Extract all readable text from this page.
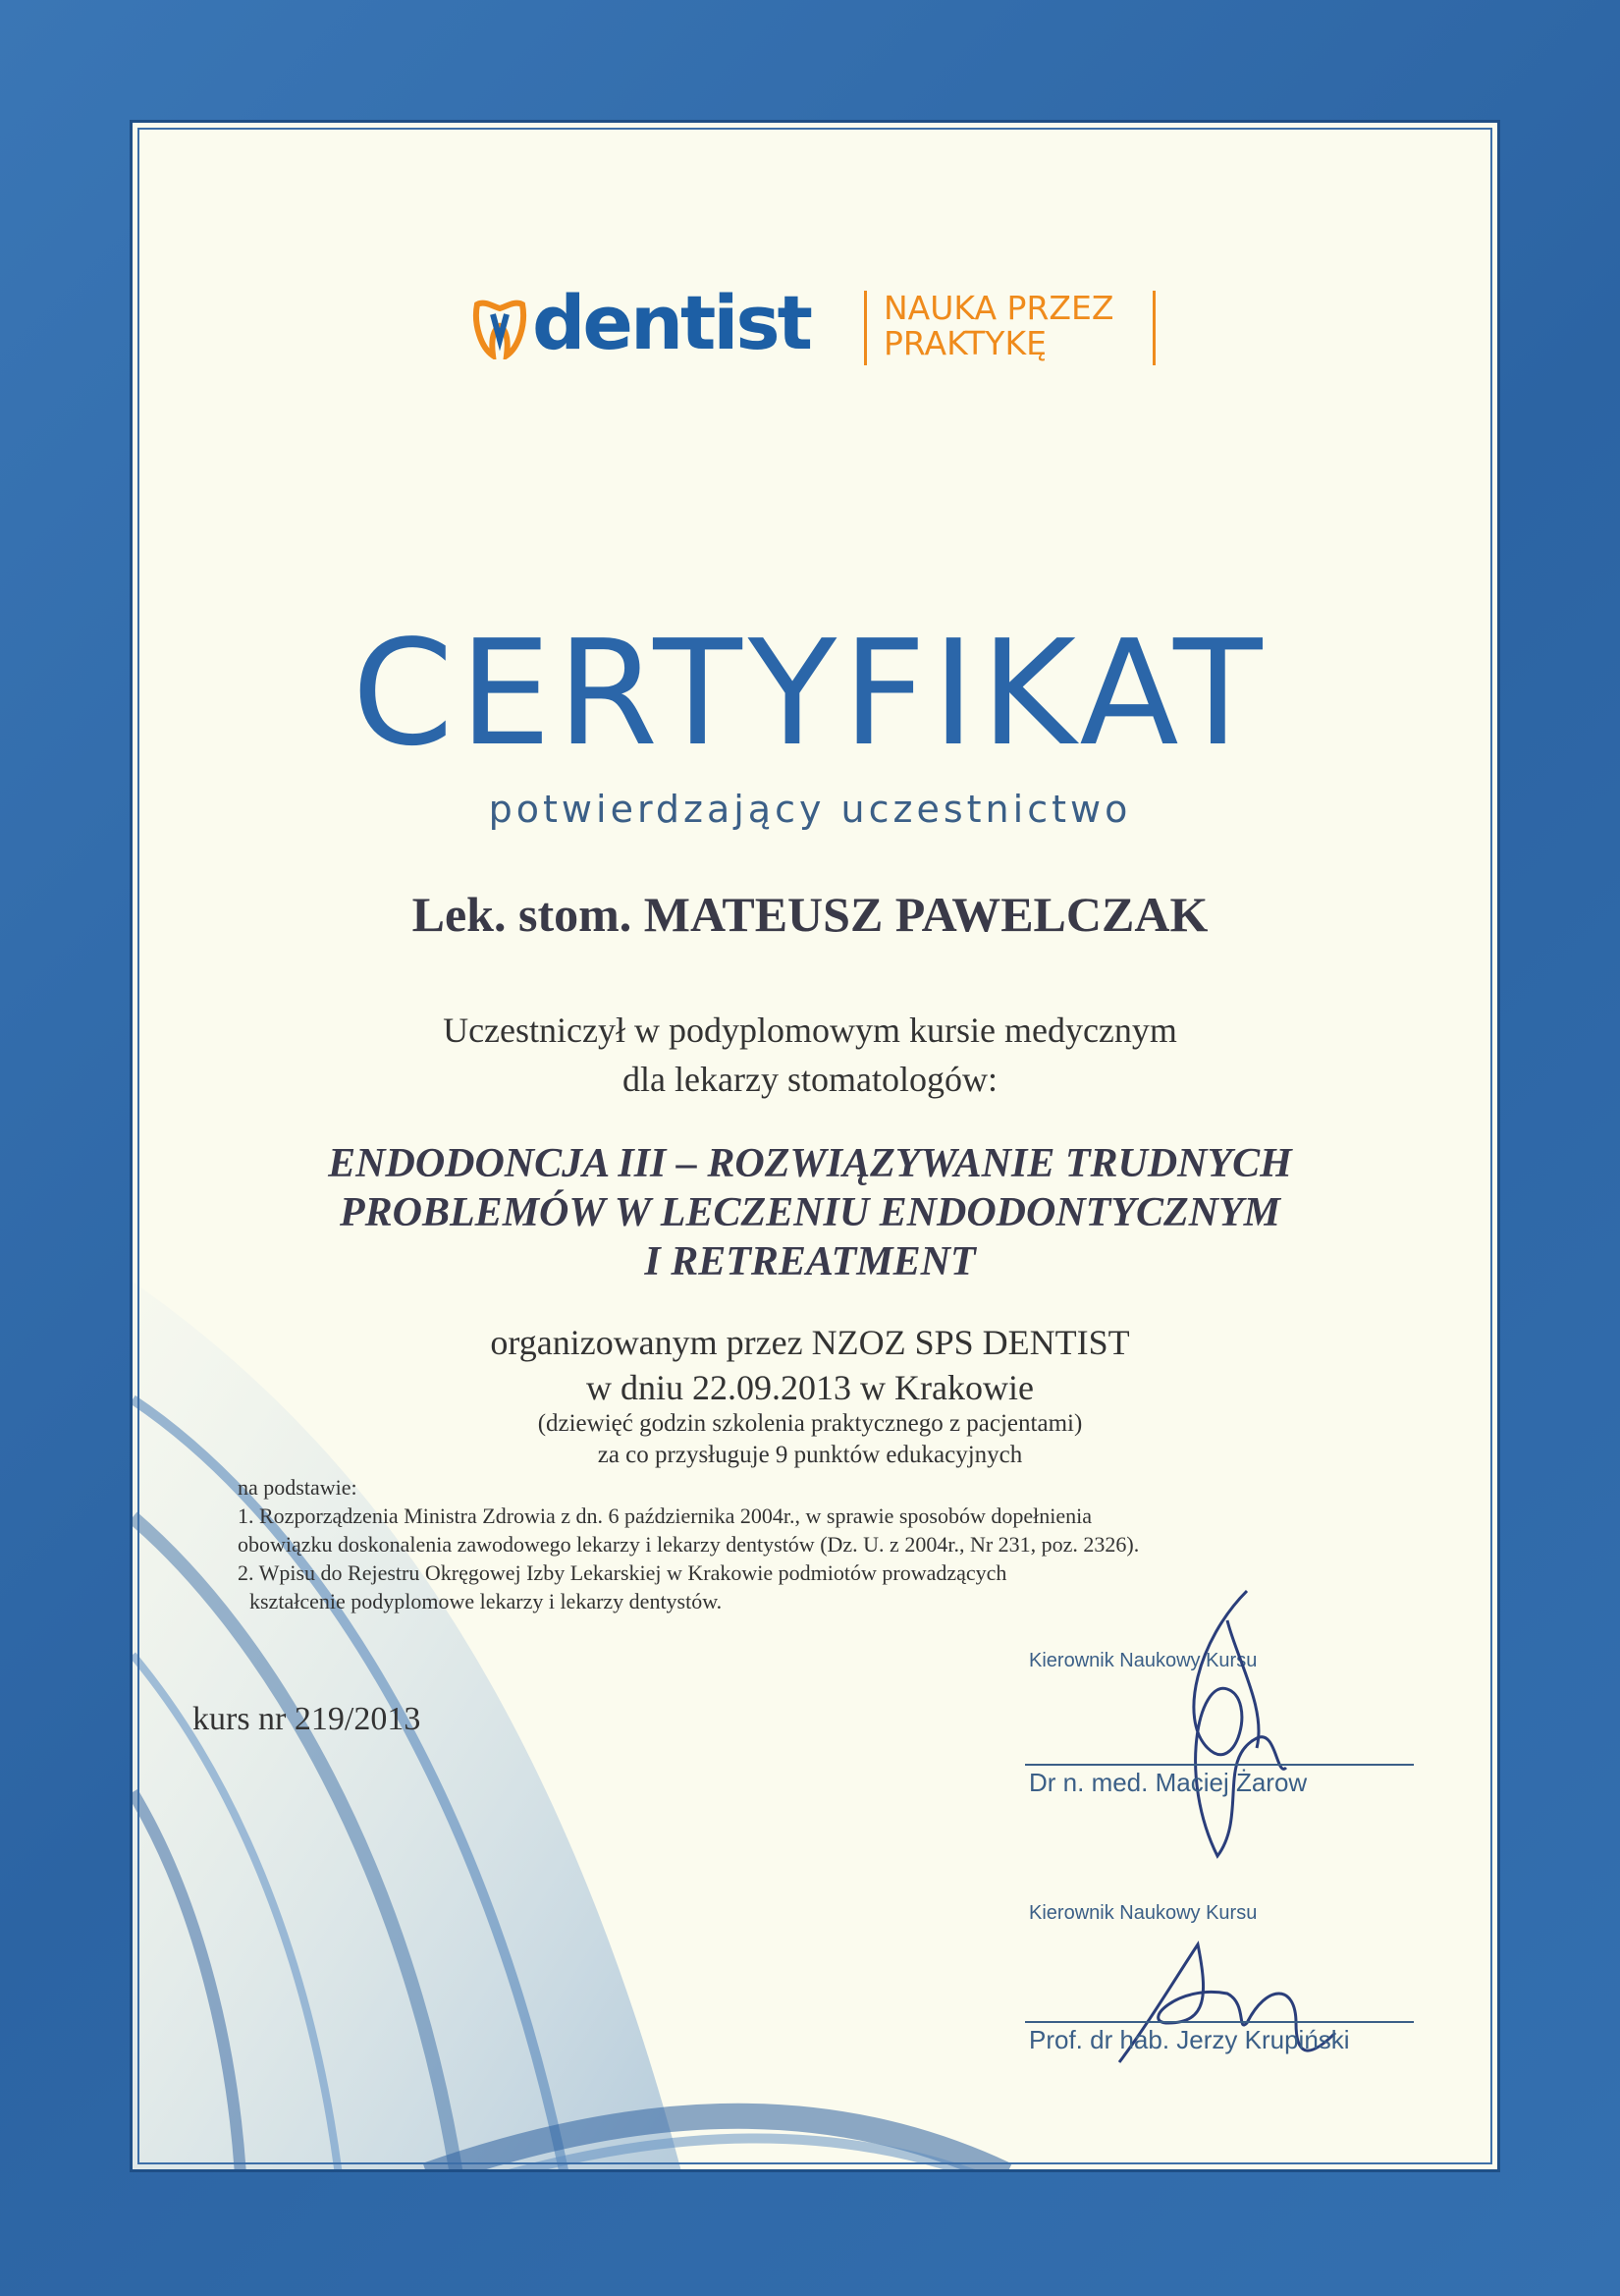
dentist NAUKA PRZEZ
PRAKTYKĘ
CERTYFIKAT
potwierdzający uczestnictwo
Lek. stom. MATEUSZ PAWELCZAK
Uczestniczył w podyplomowym kursie medycznym
dla lekarzy stomatologów:
ENDODONCJA III – ROZWIĄZYWANIE TRUDNYCH
PROBLEMÓW W LECZENIU ENDODONTYCZNYM
I RETREATMENT
organizowanym przez NZOZ SPS DENTIST
w dniu 22.09.2013 w Krakowie
(dziewięć godzin szkolenia praktycznego z pacjentami)
za co przysługuje 9 punktów edukacyjnych
na podstawie:
1. Rozporządzenia Ministra Zdrowia z dn. 6 października 2004r., w sprawie sposobów dopełnienia
obowiązku doskonalenia zawodowego lekarzy i lekarzy dentystów (Dz. U. z 2004r., Nr 231, poz. 2326).
2. Wpisu do Rejestru Okręgowej Izby Lekarskiej w Krakowie podmiotów prowadzących
kształcenie podyplomowe lekarzy i lekarzy dentystów.
kurs nr 219/2013
Kierownik Naukowy Kursu
Dr n. med. Maciej Żarow
Kierownik Naukowy Kursu
Prof. dr hab. Jerzy Krupiński
